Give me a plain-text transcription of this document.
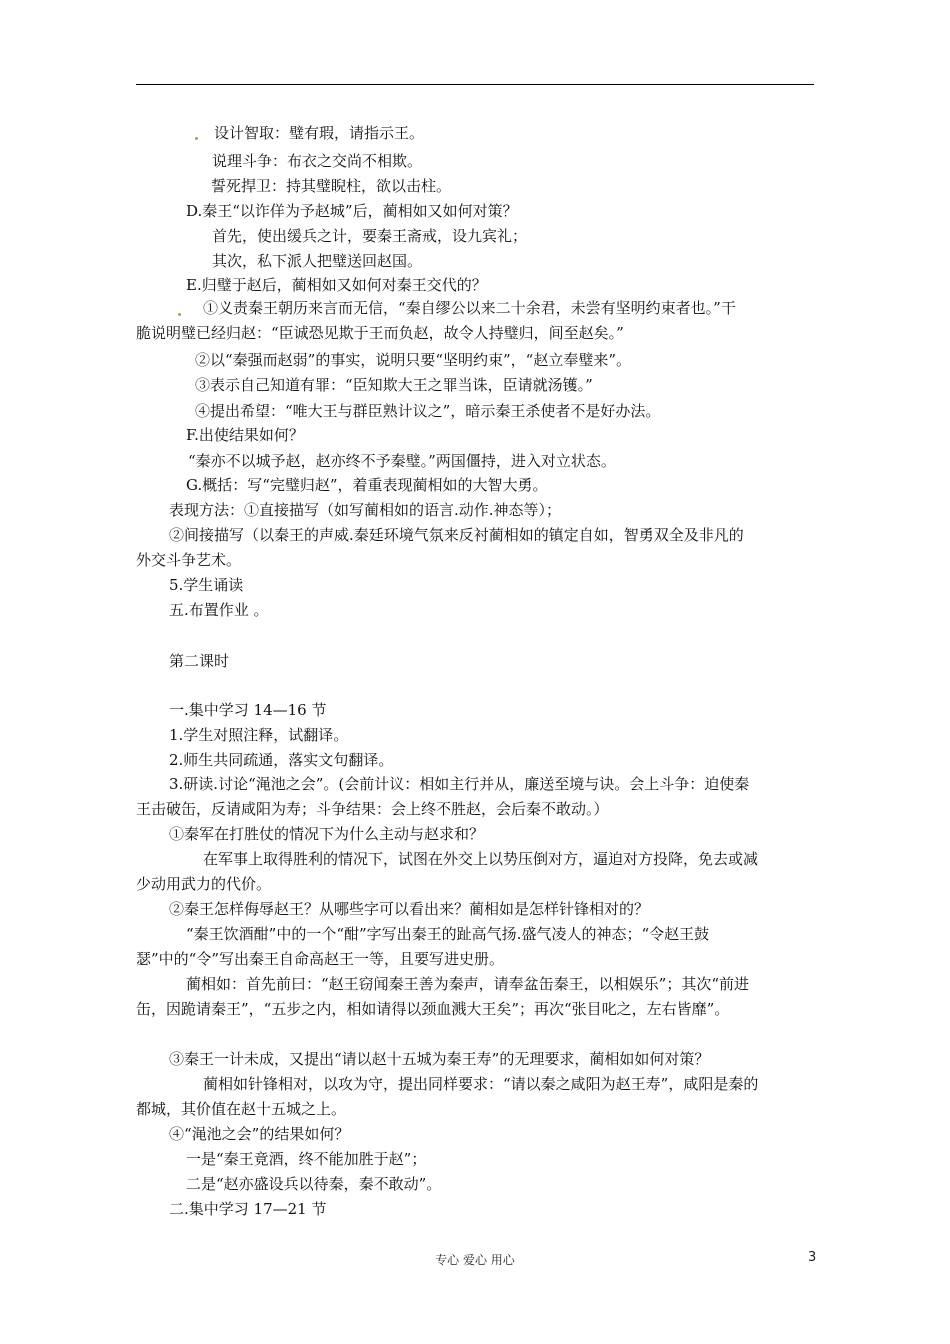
设计智取：璧有瑕，请指示王。
说理斗争：布衣之交尚不相欺。
誓死捍卫：持其璧睨柱，欲以击柱。
D.秦王“以诈佯为予赵城”后，蔺相如又如何对策？
首先，使出缓兵之计，要秦王斋戒，设九宾礼；
其次，私下派人把璧送回赵国。
E.归璧于赵后，蔺相如又如何对秦王交代的？
①义责秦王朝历来言而无信，“秦自缪公以来二十余君，未尝有坚明约束者也。”干
脆说明璧已经归赵：“臣诚恐见欺于王而负赵，故令人持璧归，间至赵矣。”
②以“秦强而赵弱”的事实，说明只要“坚明约束”，“赵立奉璧来”。
③表示自己知道有罪：“臣知欺大王之罪当诛，臣请就汤镬。”
④提出希望：“唯大王与群臣熟计议之”，暗示秦王杀使者不是好办法。
F.出使结果如何？
“秦亦不以城予赵，赵亦终不予秦璧。”两国僵持，进入对立状态。
G.概括：写“完璧归赵”，着重表现蔺相如的大智大勇。
表现方法：①直接描写（如写蔺相如的语言.动作.神态等）；
②间接描写（以秦王的声威.秦廷环境气氛来反衬蔺相如的镇定自如，智勇双全及非凡的
外交斗争艺术。
5.学生诵读
五.布置作业 。
第二课时
一.集中学习 14—16 节
1.学生对照注释，试翻译。
2.师生共同疏通，落实文句翻译。
3.研读.讨论“渑池之会”。(会前计议：相如主行并从，廉送至境与诀。会上斗争：迫使秦
王击破缶，反请咸阳为寿；斗争结果：会上终不胜赵，会后秦不敢动。）
①秦军在打胜仗的情况下为什么主动与赵求和？
在军事上取得胜利的情况下，试图在外交上以势压倒对方，逼迫对方投降，免去或减
少动用武力的代价。
②秦王怎样侮辱赵王？从哪些字可以看出来？蔺相如是怎样针锋相对的？
“秦王饮酒酣”中的一个“酣”字写出秦王的趾高气扬.盛气凌人的神态；“令赵王鼓
瑟”中的“令”写出秦王自命高赵王一等，且要写进史册。
蔺相如：首先前曰：“赵王窃闻秦王善为秦声，请奉盆缶秦王，以相娱乐”；其次“前进
缶，因跪请秦王”，“五步之内，相如请得以颈血溅大王矣”；再次“张目叱之，左右皆靡”。
③秦王一计未成，又提出“请以赵十五城为秦王寿”的无理要求，蔺相如如何对策？
蔺相如针锋相对，以攻为守，提出同样要求：“请以秦之咸阳为赵王寿”，咸阳是秦的
都城，其价值在赵十五城之上。
④“渑池之会”的结果如何？
一是“秦王竟酒，终不能加胜于赵”；
二是“赵亦盛设兵以待秦，秦不敢动”。
二.集中学习 17—21 节
专心 爱心 用心	3
